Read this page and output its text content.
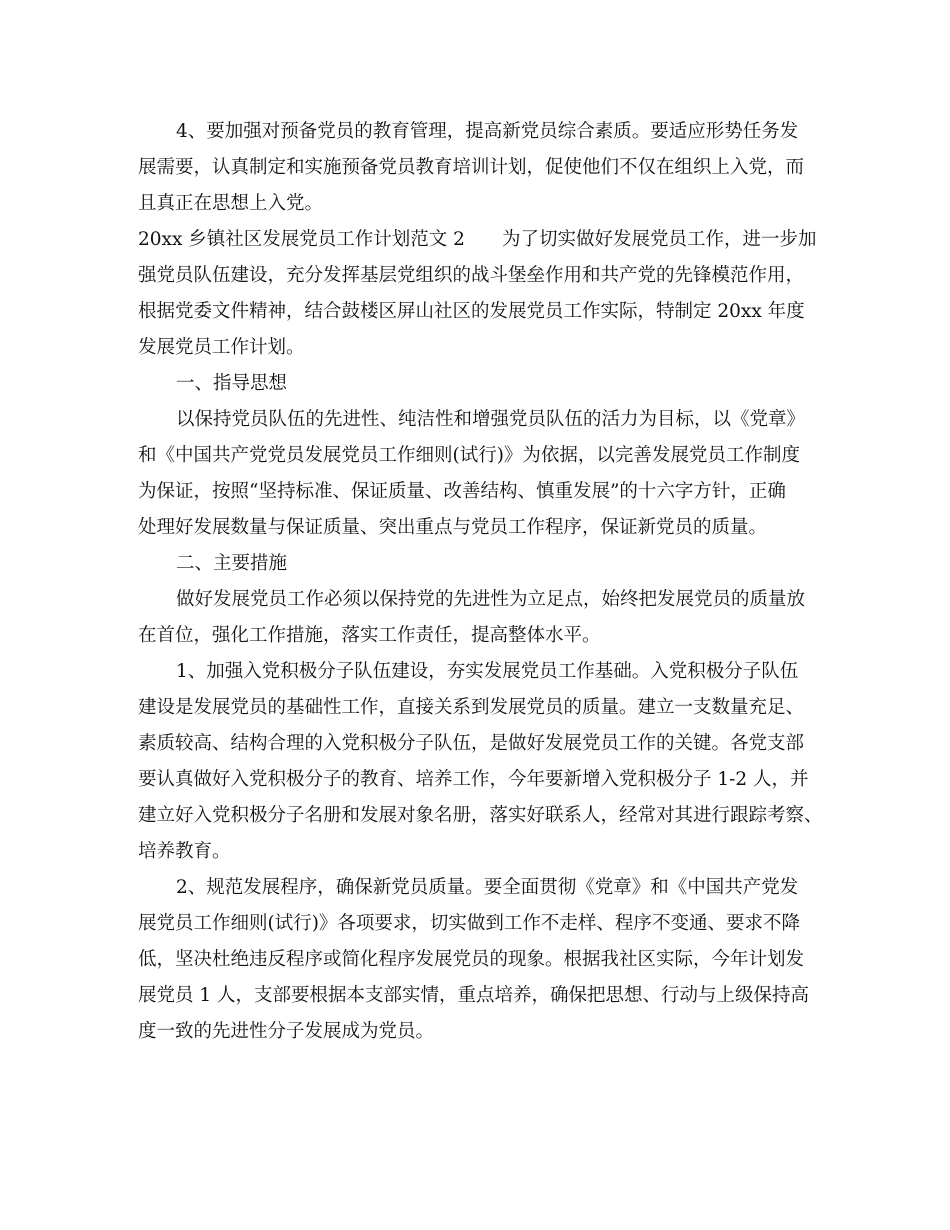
4、要加强对预备党员的教育管理，提高新党员综合素质。要适应形势任务发
展需要，认真制定和实施预备党员教育培训计划，促使他们不仅在组织上入党，而
且真正在思想上入党。
20xx 乡镇社区发展党员工作计划范文 2　　为了切实做好发展党员工作，进一步加
强党员队伍建设，充分发挥基层党组织的战斗堡垒作用和共产党的先锋模范作用，
根据党委文件精神，结合鼓楼区屏山社区的发展党员工作实际，特制定 20xx 年度
发展党员工作计划。
一、指导思想
以保持党员队伍的先进性、纯洁性和增强党员队伍的活力为目标，以《党章》
和《中国共产党党员发展党员工作细则(试行)》为依据，以完善发展党员工作制度
为保证，按照“坚持标准、保证质量、改善结构、慎重发展”的十六字方针，正确
处理好发展数量与保证质量、突出重点与党员工作程序，保证新党员的质量。
二、主要措施
做好发展党员工作必须以保持党的先进性为立足点，始终把发展党员的质量放
在首位，强化工作措施，落实工作责任，提高整体水平。
1、加强入党积极分子队伍建设，夯实发展党员工作基础。入党积极分子队伍
建设是发展党员的基础性工作，直接关系到发展党员的质量。建立一支数量充足、
素质较高、结构合理的入党积极分子队伍，是做好发展党员工作的关键。各党支部
要认真做好入党积极分子的教育、培养工作，今年要新增入党积极分子 1-2 人，并
建立好入党积极分子名册和发展对象名册，落实好联系人，经常对其进行跟踪考察、
培养教育。
2、规范发展程序，确保新党员质量。要全面贯彻《党章》和《中国共产党发
展党员工作细则(试行)》各项要求，切实做到工作不走样、程序不变通、要求不降
低，坚决杜绝违反程序或简化程序发展党员的现象。根据我社区实际，今年计划发
展党员 1 人，支部要根据本支部实情，重点培养，确保把思想、行动与上级保持高
度一致的先进性分子发展成为党员。
